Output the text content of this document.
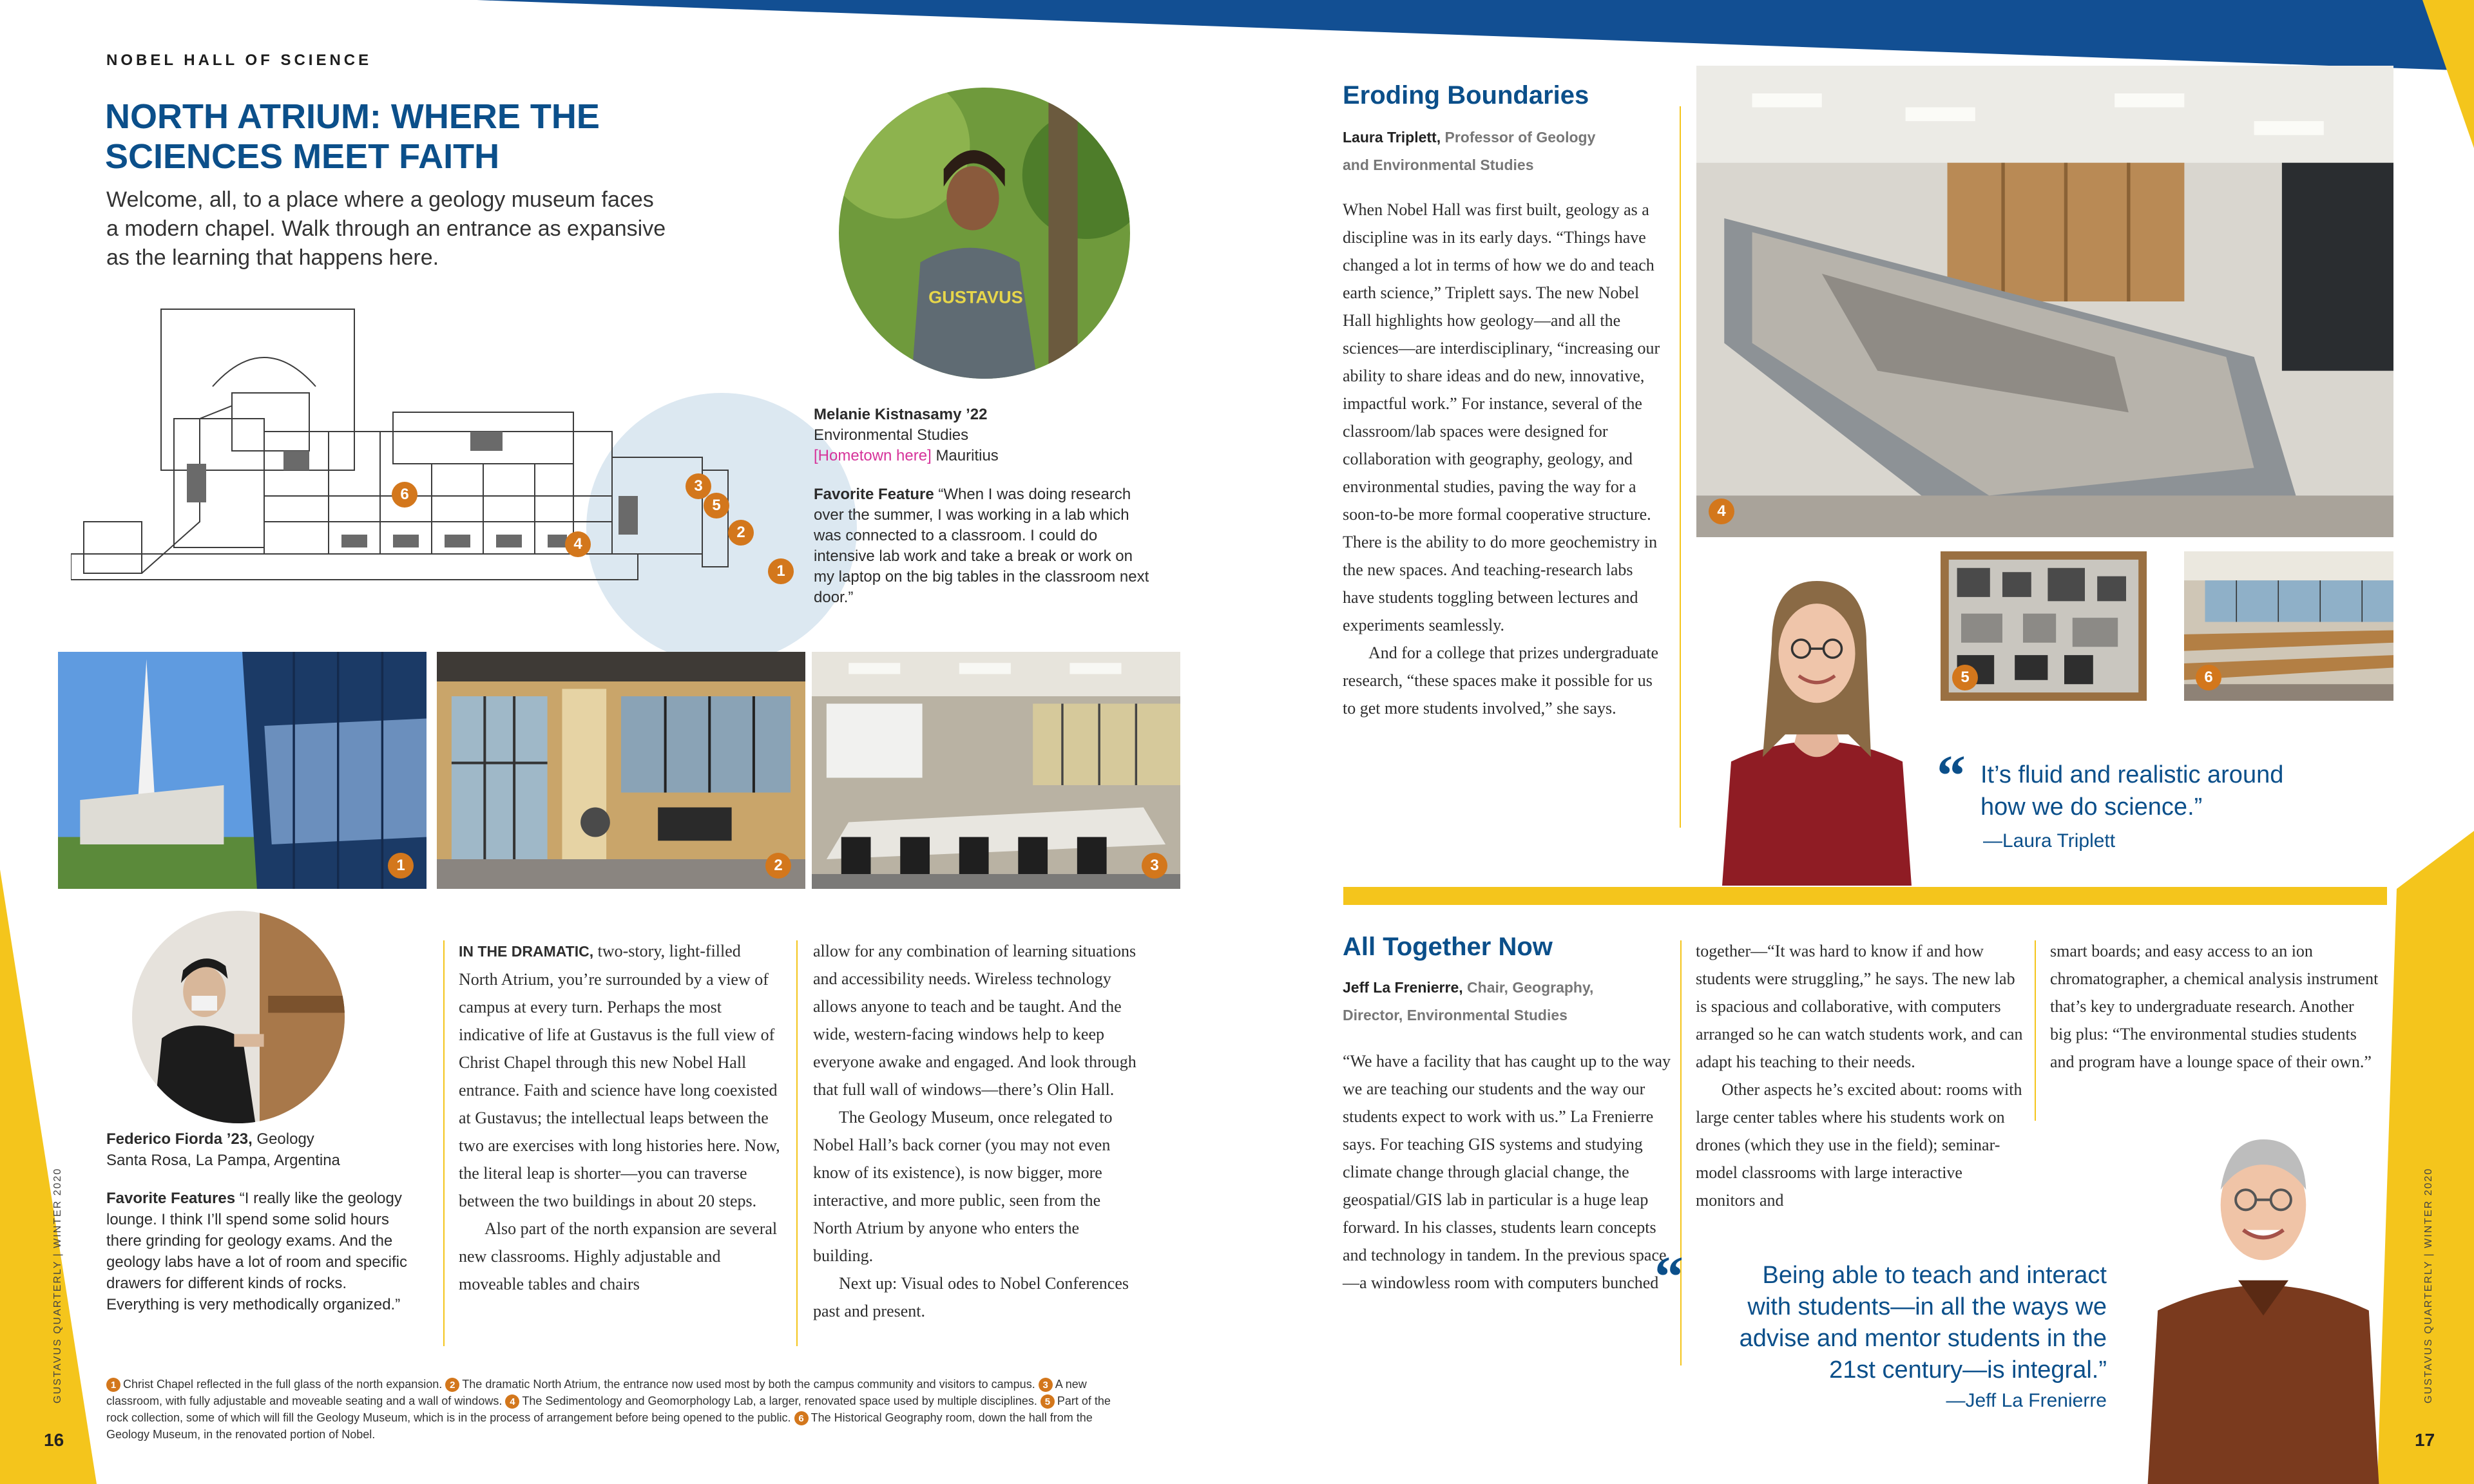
NOBEL HALL OF SCIENCE
NORTH ATRIUM: WHERE THE
SCIENCES MEET FAITH
Welcome, all, to a place where a geology museum faces
a modern chapel. Walk through an entrance as expansive
as the learning that happens here.
1
2
3
4
5
6
GUSTAVUS
Melanie Kistnasamy ’22
Environmental Studies
[Hometown here] Mauritius
Favorite Feature “When I was doing research over the summer, I was working in a lab which was connected to a classroom. I could do intensive lab work and take a break or work on my laptop on the big tables in the classroom next door.”
1	2	3
Federico Fiorda ’23, Geology
Santa Rosa, La Pampa, Argentina
Favorite Features “I really like the geology lounge. I think I’ll spend some solid hours there grinding for geology exams. And the geology labs have a lot of room and specific drawers for different kinds of rocks. Everything is very methodically organized.”

IN THE DRAMATIC, two-story, light-filled North Atrium, you’re surrounded by a view of campus at every turn. Perhaps the most indicative of life at Gustavus is the full view of Christ Chapel through this new Nobel Hall entrance. Faith and science have long coexisted at Gustavus; the intellectual leaps between the two are exercises with long histories here. Now, the literal leap is shorter—you can traverse between the two buildings in about 20 steps.

Also part of the north expansion are several new classrooms. Highly adjustable and moveable tables and chairs

allow for any combination of learning situations and accessibility needs. Wireless technology allows anyone to teach and be taught. And the wide, western-facing windows help to keep everyone awake and engaged. And look through that full wall of windows—there’s Olin Hall.

The Geology Museum, once relegated to Nobel Hall’s back corner (you may not even know of its existence), is now bigger, more interactive, and more public, seen from the North Atrium by anyone who enters the building.

Next up: Visual odes to Nobel Conferences past and present.

1 Christ Chapel reflected in the full glass of the north expansion. 2 The dramatic North Atrium, the entrance now used most by both the campus community and visitors to campus. 3 A new classroom, with fully adjustable and moveable seating and a wall of windows. 4 The Sedimentology and Geomorphology Lab, a larger, renovated space used by multiple disciplines. 5 Part of the rock collection, some of which will fill the Geology Museum, which is in the process of arrangement before being opened to the public. 6 The Historical Geography room, down the hall from the Geology Museum, in the renovated portion of Nobel.
GUSTAVUS QUARTERLY | WINTER 2020
16
Eroding Boundaries
Laura Triplett, Professor of Geology
and Environmental Studies

When Nobel Hall was first built, geology as a discipline was in its early days. “Things have changed a lot in terms of how we do and teach earth science,” Triplett says. The new Nobel Hall highlights how geology—and all the sciences—are interdisciplinary, “increasing our ability to share ideas and do new, innovative, impactful work.” For instance, several of the classroom/lab spaces were designed for collaboration with geography, geology, and environmental studies, paving the way for a soon-to-be more formal cooperative structure. There is the ability to do more geochemistry in the new spaces. And teaching-research labs have students toggling between lectures and experiments seamlessly.

And for a college that prizes undergraduate research, “these spaces make it possible for us to get more students involved,” she says.

4
5	6
“ It’s fluid and realistic around
how we do science.”
—Laura Triplett
All Together Now
Jeff La Frenierre, Chair, Geography,
Director, Environmental Studies

“We have a facility that has caught up to the way we are teaching our students and the way our students expect to work with us.” La Frenierre says. For teaching GIS systems and studying climate change through glacial change, the geospatial/GIS lab in particular is a huge leap forward. In his classes, students learn concepts and technology in tandem. In the previous space—a windowless room with computers bunched

together—“It was hard to know if and how students were struggling,” he says. The new lab is spacious and collaborative, with computers arranged so he can watch students work, and can adapt his teaching to their needs.

Other aspects he’s excited about: rooms with large center tables where his students work on drones (which they use in the field); seminar-model classrooms with large interactive monitors and

smart boards; and easy access to an ion chromatographer, a chemical analysis instrument that’s key to undergraduate research. Another big plus: “The environmental studies students and program have a lounge space of their own.”

“	Being able to teach and interact
with students—in all the ways we
advise and mentor students in the
21st century—is integral.”
—Jeff La Frenierre	GUSTAVUS QUARTERLY | WINTER 2020
17
